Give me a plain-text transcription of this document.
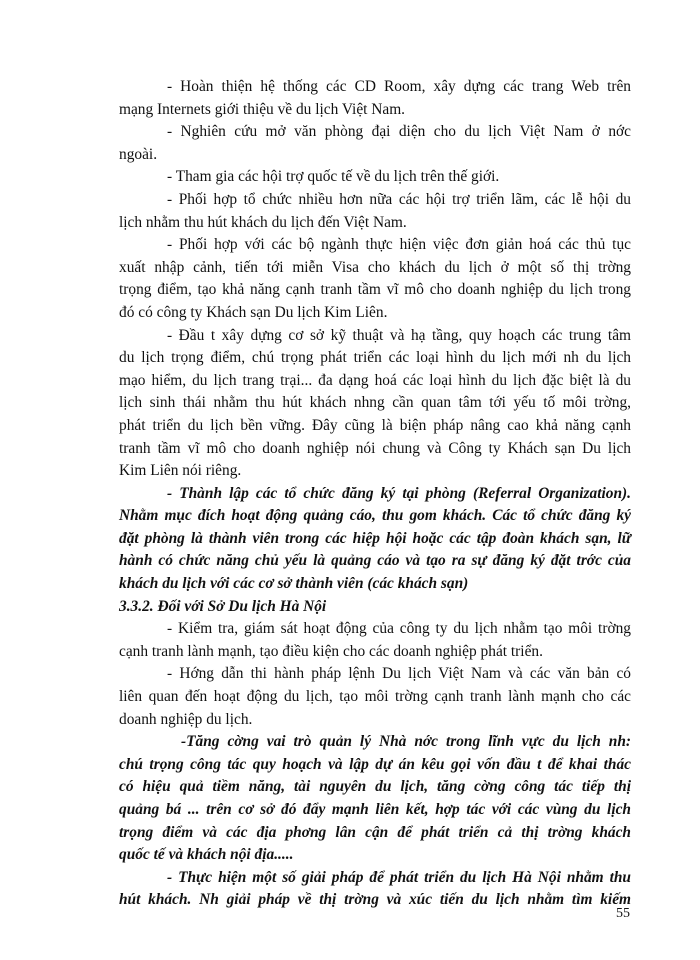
- Hoàn thiện hệ thống các CD Room, xây dựng các trang Web trên
mạng Internets giới thiệu về du lịch Việt Nam.
- Nghiên cứu mở văn phòng đại diện cho du lịch Việt Nam ở nớc
ngoài.
- Tham gia các hội trợ quốc tế về du lịch trên thế giới.
- Phối hợp tổ chức nhiều hơn nữa các hội trợ triển lãm, các lễ hội du
lịch nhằm thu hút khách du lịch đến Việt Nam.
- Phối hợp với các bộ ngành thực hiện việc đơn giản hoá các thủ tục
xuất nhập cảnh, tiến tới miễn Visa cho khách du lịch ở một số thị trờng
trọng điểm, tạo khả năng cạnh tranh tầm vĩ mô cho doanh nghiệp du lịch trong
đó có công ty Khách sạn Du lịch Kim Liên.
- Đầu t xây dựng cơ sở kỹ thuật và hạ tầng, quy hoạch các trung tâm
du lịch trọng điểm, chú trọng phát triển các loại hình du lịch mới nh du lịch
mạo hiểm, du lịch trang trại... đa dạng hoá các loại hình du lịch đặc biệt là du
lịch sinh thái nhằm thu hút khách nhng cần quan tâm tới yếu tố môi trờng,
phát triển du lịch bền vững. Đây cũng là biện pháp nâng cao khả năng cạnh
tranh tầm vĩ mô cho doanh nghiệp nói chung và Công ty Khách sạn Du lịch
Kim Liên nói riêng.
- Thành lập các tổ chức đăng ký tại phòng (Referral Organization).
Nhằm mục đích hoạt động quảng cáo, thu gom khách. Các tổ chức đăng ký
đặt phòng là thành viên trong các hiệp hội hoặc các tập đoàn khách sạn, lữ
hành có chức năng chủ yếu là quảng cáo và tạo ra sự đăng ký đặt trớc của
khách du lịch với các cơ sở thành viên (các khách sạn)
3.3.2. Đối với Sở Du lịch Hà Nội
- Kiểm tra, giám sát hoạt động của công ty du lịch nhằm tạo môi trờng
cạnh tranh lành mạnh, tạo điều kiện cho các doanh nghiệp phát triển.
- Hớng dẫn thi hành pháp lệnh Du lịch Việt Nam và các văn bản có
liên quan đến hoạt động du lịch, tạo môi trờng cạnh tranh lành mạnh cho các
doanh nghiệp du lịch.
-Tăng cờng vai trò quản lý Nhà nớc trong lĩnh vực du lịch nh:
chú trọng công tác quy hoạch và lập dự án kêu gọi vốn đầu t để khai thác
có hiệu quả tiềm năng, tài nguyên du lịch, tăng cờng công tác tiếp thị
quảng bá ... trên cơ sở đó đẩy mạnh liên kết, hợp tác với các vùng du lịch
trọng điểm và các địa phơng lân cận để phát triển cả thị trờng khách
quốc tế và khách nội địa.....
- Thực hiện một số giải pháp để phát triển du lịch Hà Nội nhằm thu
hút khách. Nh giải pháp về thị trờng và xúc tiến du lịch nhằm tìm kiếm
55
